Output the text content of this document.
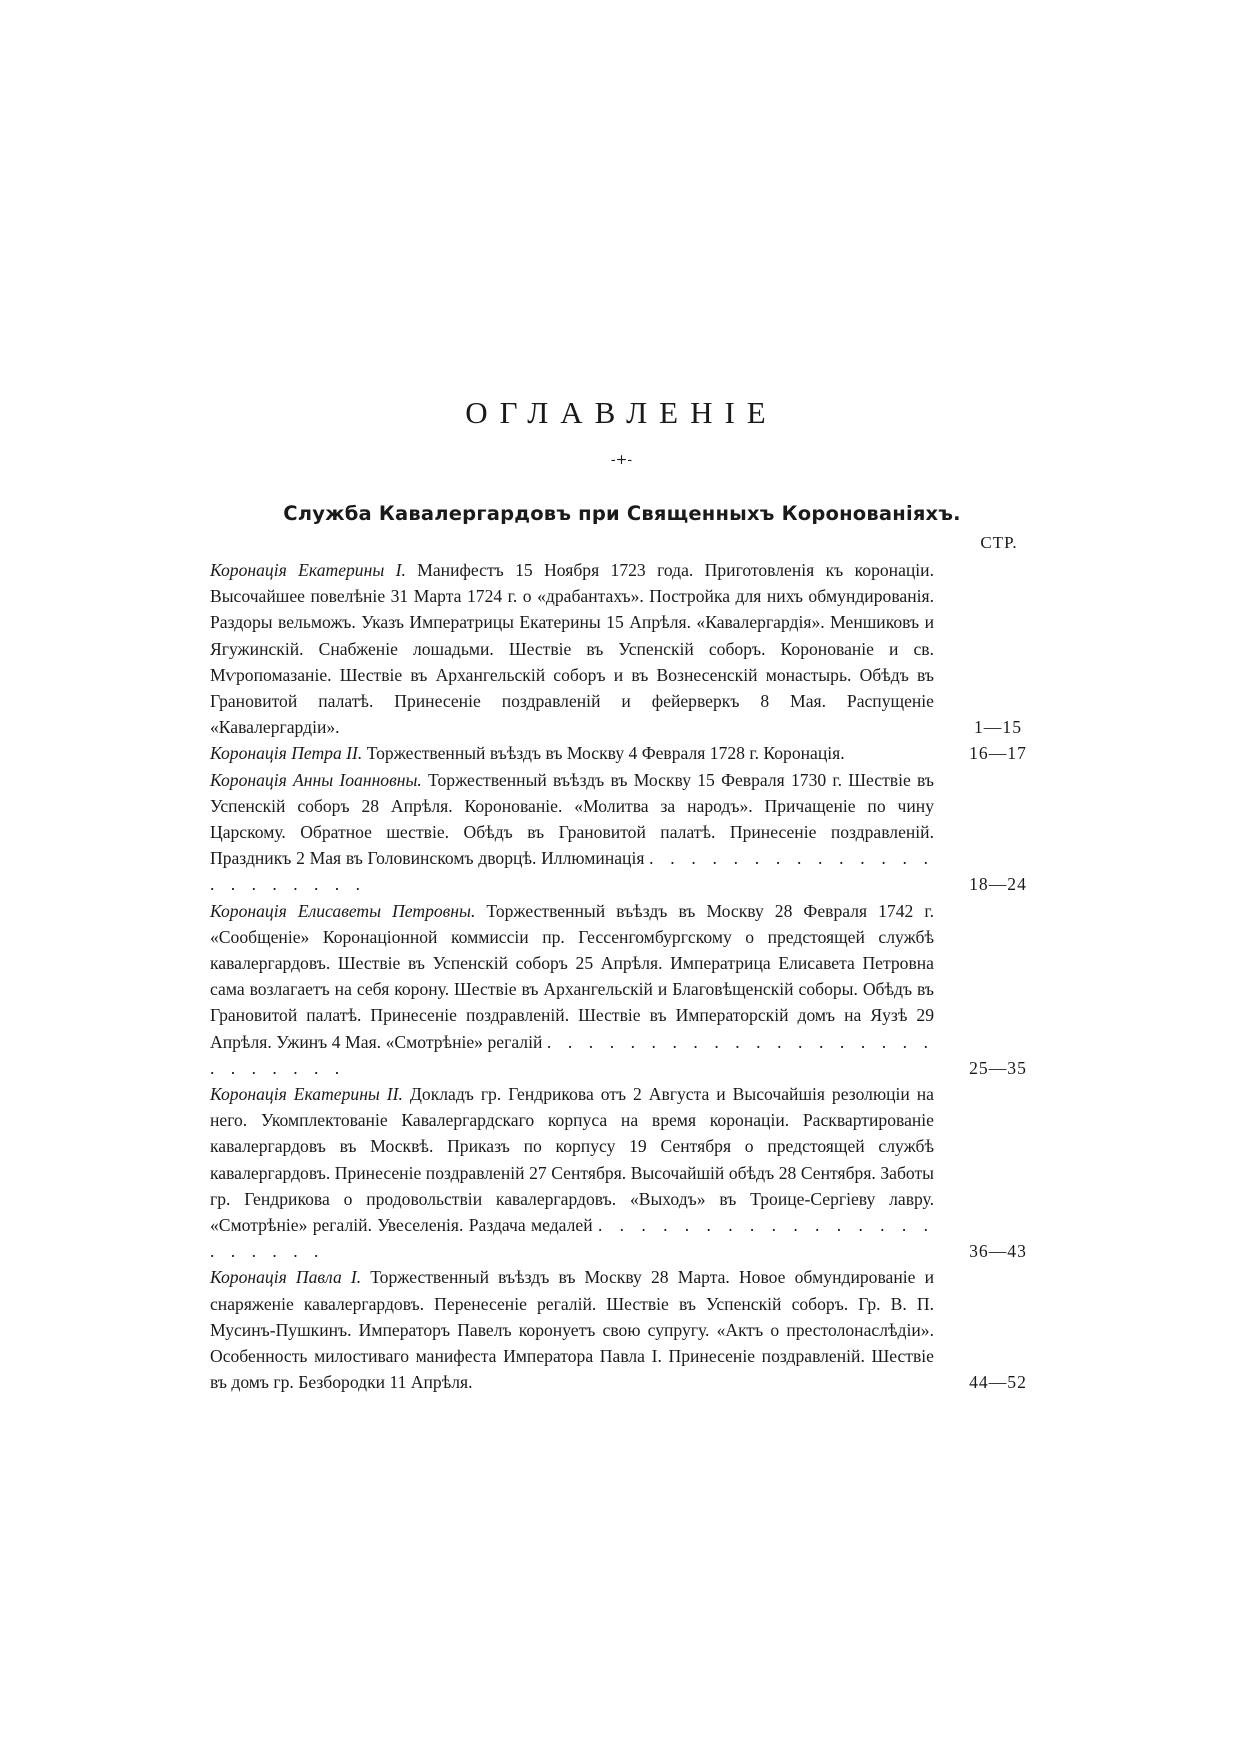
ОГЛАВЛЕНІЕ
-+-
Служба Кавалергардовъ при Священныхъ Коронованіяхъ.
СТР.
Коронація Екатерины I. Манифестъ 15 Ноября 1723 года. Приготовленія къ коронаціи. Высочайшее повелѣніе 31 Марта 1724 г. о «драбантахъ». Постройка для нихъ обмундированія. Раздоры вельможъ. Указъ Императрицы Екатерины 15 Апрѣля. «Кавалергардія». Меншиковъ и Ягужинскій. Снабженіе лошадьми. Шествіе въ Успенскій соборъ. Коронованіе и св. Мѵропомазаніе. Шествіе въ Архангельскій соборъ и въ Вознесенскій монастырь. Обѣдъ въ Грановитой палатѣ. Принесеніе поздравленій и фейерверкъ 8 Мая. Распущеніе «Кавалергардіи».	1—15
Коронація Петра II. Торжественный въѣздъ въ Москву 4 Февраля 1728 г. Коронація.	16—17
Коронація Анны Іоанновны. Торжественный въѣздъ въ Москву 15 Февраля 1730 г. Шествіе въ Успенскій соборъ 28 Апрѣля. Коронованіе. «Молитва за народъ». Причащеніе по чину Царскому. Обратное шествіе. Обѣдъ въ Грановитой палатѣ. Принесеніе поздравленій. Праздникъ 2 Мая въ Головинскомъ дворцѣ. Иллюминація . . . . . . . . . . . . . . . . . . . . . .	18—24
Коронація Елисаветы Петровны. Торжественный въѣздъ въ Москву 28 Февраля 1742 г. «Сообщеніе» Коронаціонной коммиссіи пр. Гессенгомбургскому о предстоящей службѣ кавалергардовъ. Шествіе въ Успенскій соборъ 25 Апрѣля. Императрица Елисавета Петровна сама возлагаетъ на себя корону. Шествіе въ Архангельскій и Благовѣщенскій соборы. Обѣдъ въ Грановитой палатѣ. Принесеніе поздравленій. Шествіе въ Императорскій домъ на Яузѣ 29 Апрѣля. Ужинъ 4 Мая. «Смотрѣніе» регалій . . . . . . . . . . . . . . . . . . . . . . . . . .	25—35
Коронація Екатерины II. Докладъ гр. Гендрикова отъ 2 Августа и Высочайшія резолюціи на него. Укомплектованіе Кавалергардскаго корпуса на время коронаціи. Расквартированіе кавалергардовъ въ Москвѣ. Приказъ по корпусу 19 Сентября о предстоящей службѣ кавалергардовъ. Принесеніе поздравленій 27 Сентября. Высочайшій обѣдъ 28 Сентября. Заботы гр. Гендрикова о продовольствіи кавалергардовъ. «Выходъ» въ Троице-Сергіеву лавру. «Смотрѣніе» регалій. Увеселенія. Раздача медалей . . . . . . . . . . . . . . . . . . . . . .	36—43
Коронація Павла I. Торжественный въѣздъ въ Москву 28 Марта. Новое обмундированіе и снаряженіе кавалергардовъ. Перенесеніе регалій. Шествіе въ Успенскій соборъ. Гр. В. П. Мусинъ-Пушкинъ. Императоръ Павелъ коронуетъ свою супругу. «Актъ о престолонаслѣдіи». Особенность милостиваго манифеста Императора Павла I. Принесеніе поздравленій. Шествіе въ домъ гр. Безбородки 11 Апрѣля.	44—52
